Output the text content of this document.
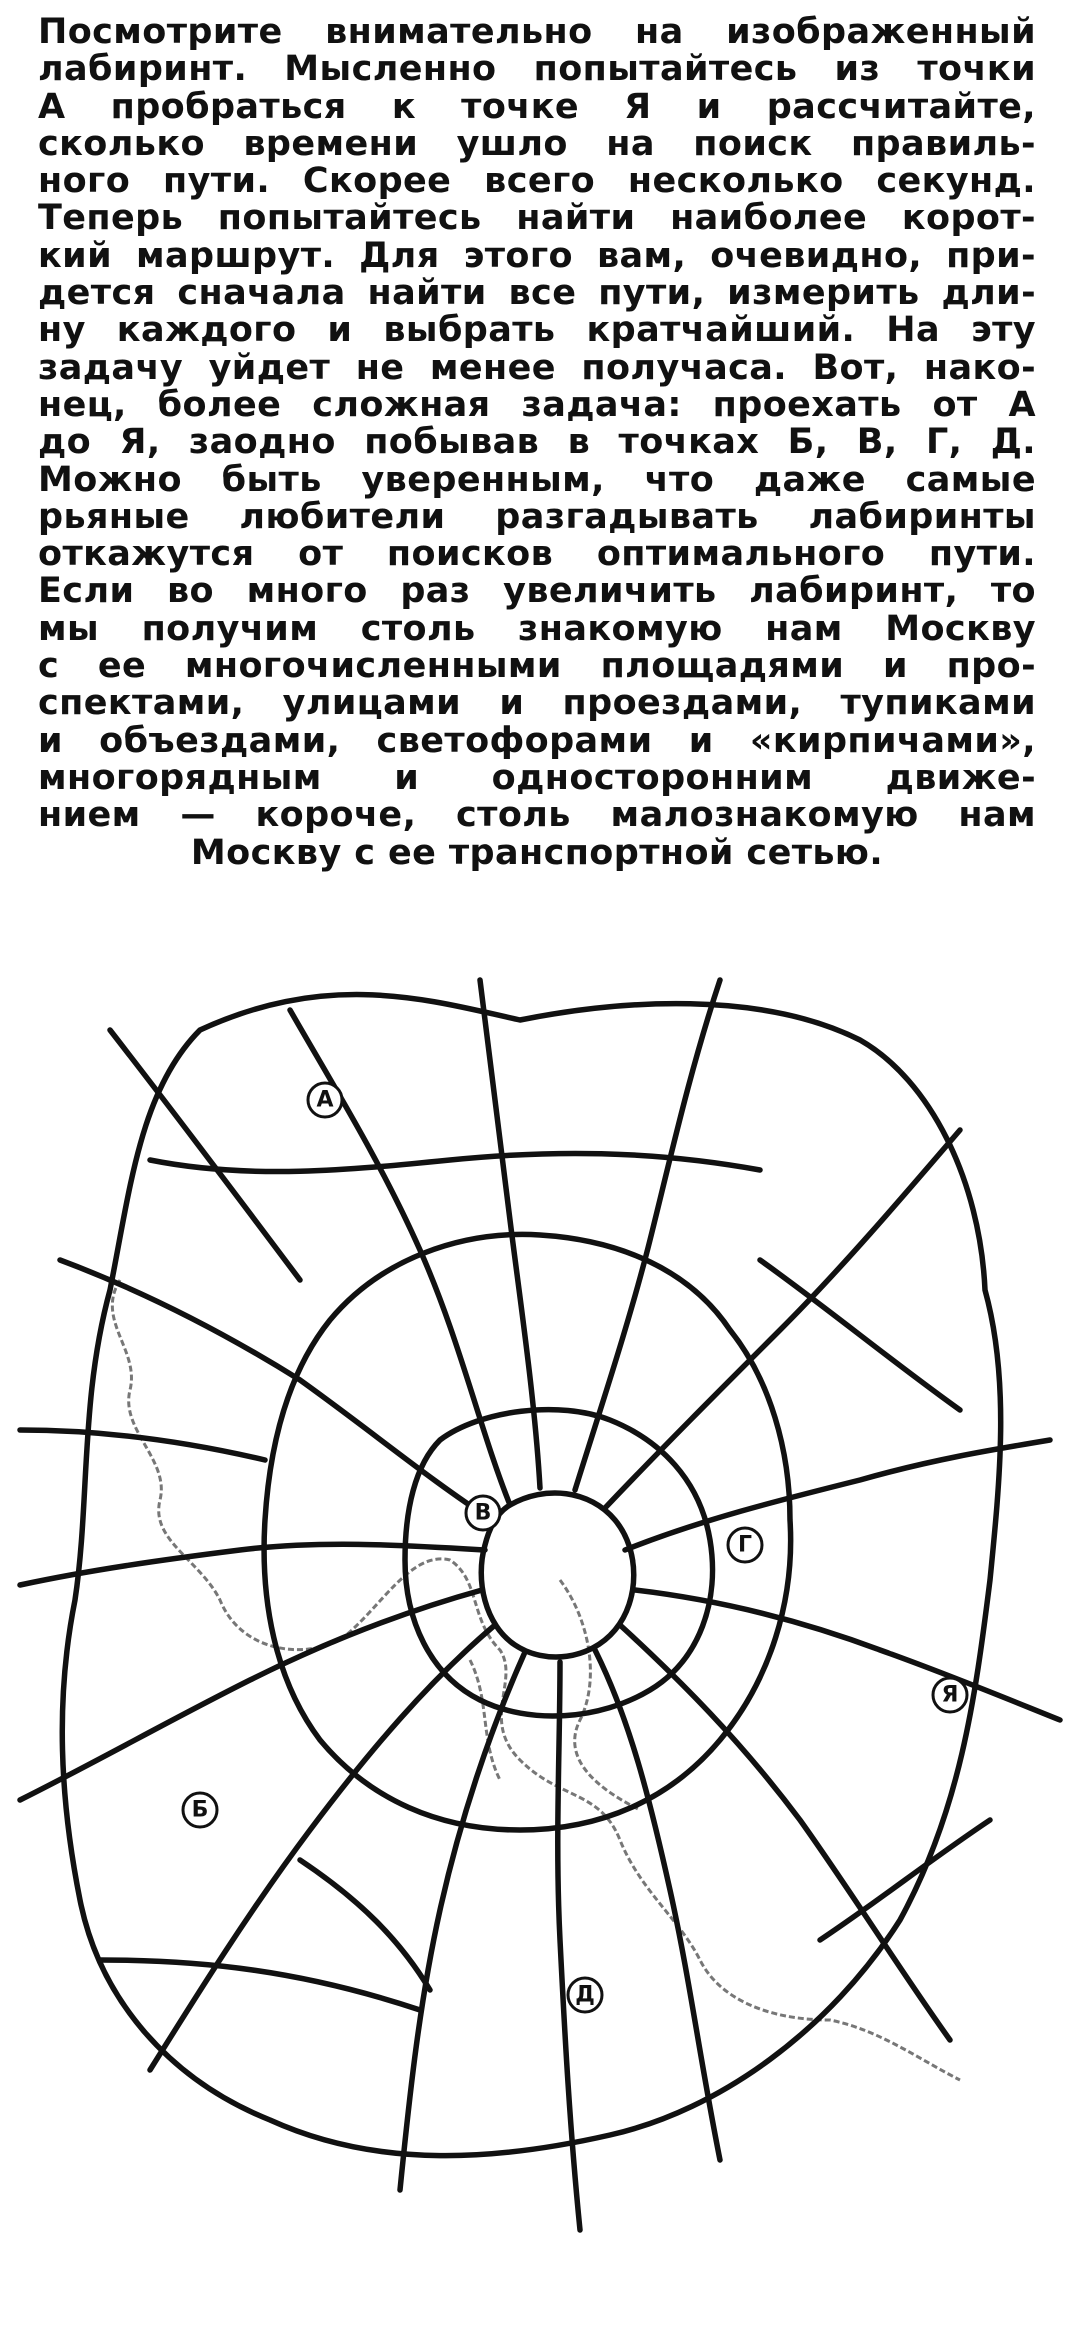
Посмотрите внимательно на изображенный
лабиринт. Мысленно попытайтесь из точки
А пробраться к точке Я и рассчитайте,
сколько времени ушло на поиск правиль-
ного пути. Скорее всего несколько секунд.
Теперь попытайтесь найти наиболее корот-
кий маршрут. Для этого вам, очевидно, при-
дется сначала найти все пути, измерить дли-
ну каждого и выбрать кратчайший. На эту
задачу уйдет не менее получаса. Вот, нако-
нец, более сложная задача: проехать от А
до Я, заодно побывав в точках Б, В, Г, Д.
Можно быть уверенным, что даже самые
рьяные любители разгадывать лабиринты
откажутся от поисков оптимального пути.
Если во много раз увеличить лабиринт, то
мы получим столь знакомую нам Москву
с ее многочисленными площадями и про-
спектами, улицами и проездами, тупиками
и объездами, светофорами и «кирпичами»,
многорядным и односторонним движе-
нием — короче, столь малознакомую нам
Москву с ее транспортной сетью.
А
Б
В
Г
Д
Я
